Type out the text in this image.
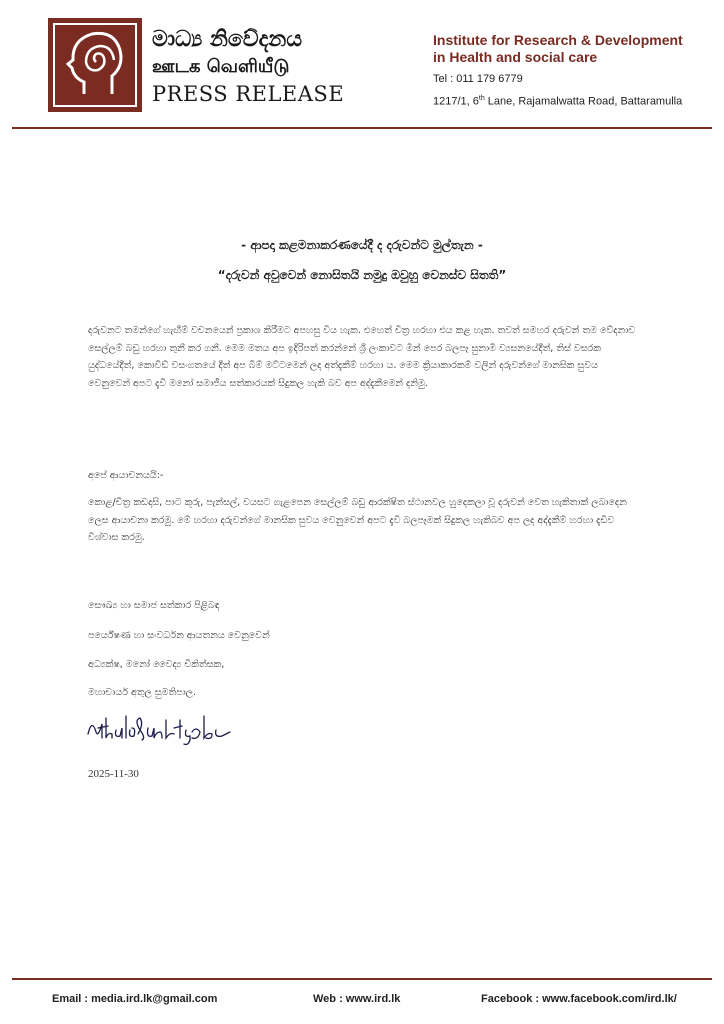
මාධ්‍ය නිවේදනය
ஊடக வெளியீடு
PRESS RELEASE
Institute for Research & Development
in Health and social care
Tel : 011 179 6779
1217/1, 6th Lane, Rajamalwatta Road, Battaramulla
- ආපදා කළමනාකරණයේදී ද දරුවන්ට මුල්තැන -
“දරුවන් අවුවෙන් නොසිතයි නමුදු ඔවුහු වෙනස්ව සිතති”
දරුවනට තමන්ගේ හැඟීම් වචනයෙන් ප්‍රකාශ කිරීමට අපහසු විය හැක. එහෙත් චිත්‍ර හරහා එය කළ හැක. තවත් සමහර දරුවන් තම වේදනාව සෙල්ලම් බඩු හරහා තුනී කර ගනී. මෙම මතය අප ඉදිරිපත් කරන්නේ ශ්‍රී ලංකාවට මින් පෙර බලපෑ සුනාමි ව්‍යසනයේදීත්, තිස් වසරක යුද්ධයේදීත්, කොවිඩ් වසංගතයේ දීත් අප බිම් මට්ටමෙන් ලද අත්දැකීම් හරහා ය. මෙම ක්‍රියාකාරකම් වලින් දරුවන්ගේ මානසික සුවය වෙනුවෙන් අපට දැවි මනෝ සමාජීය සත්කාරයක් සිදුකල හැකි බව අප අද්දැකීමෙන් දනිමු.
අපේ ආයාචනයයි:-
කොළ/චිත්‍ර කඩදාසි, පාට කූරු, පැන්සල්, වයසට ගැළපෙන සෙල්ලම් බඩු ආරක්ෂිත ස්ථානවල හුදෙකලා වූ දරුවන් වෙත හැකිතාක් ලබාදෙන ලෙස ආයාචනා කරමු. මේ හරහා දරුවන්ගේ මානසික සුවය වෙනුවෙන් අපට දැවි බලපෑමක් සිදුකල හැකිබව අප ලද අද්දැකීම් හරහා දැඩිව විශ්වාස කරමු.
සෞඛ්‍ය හා සමාජ සත්කාර පිළිබඳ
පර්යේෂණ හා සංවර්ධන ආයතනය වෙනුවෙන්
අධ්‍යක්ෂ, මනෝ වෛද්‍ය චිකිත්සක,
මහාචාර්ය අතුල සුමතිපාල.
2025-11-30
Email : media.ird.lk@gmail.com	Web : www.ird.lk	Facebook : www.facebook.com/ird.lk/
